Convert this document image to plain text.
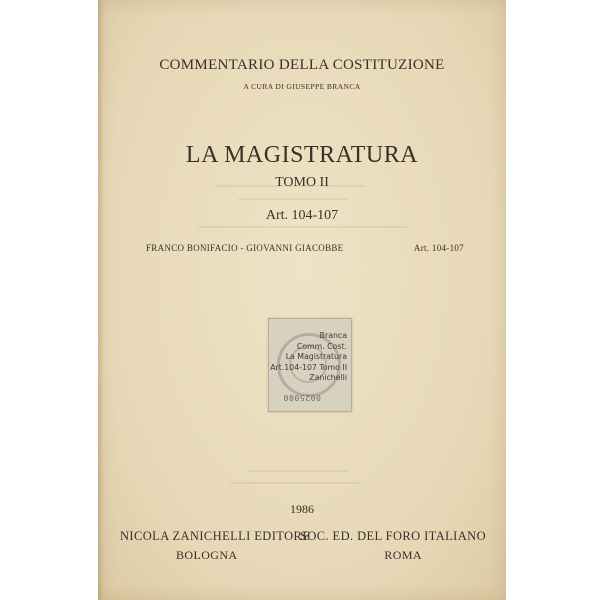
COMMENTARIO DELLA COSTITUZIONE
A CURA DI GIUSEPPE BRANCA
LA MAGISTRATURA
TOMO II
Art. 104-107
FRANCO BONIFACIO - GIOVANNI GIACOBBE	Art. 104-107
Branca
Comm. Cost.
La Magistratura
Art.104-107 Tomo II
Zanichelli
0025000
1986
NICOLA ZANICHELLI EDITORE
SOC. ED. DEL FORO ITALIANO
BOLOGNA	ROMA
